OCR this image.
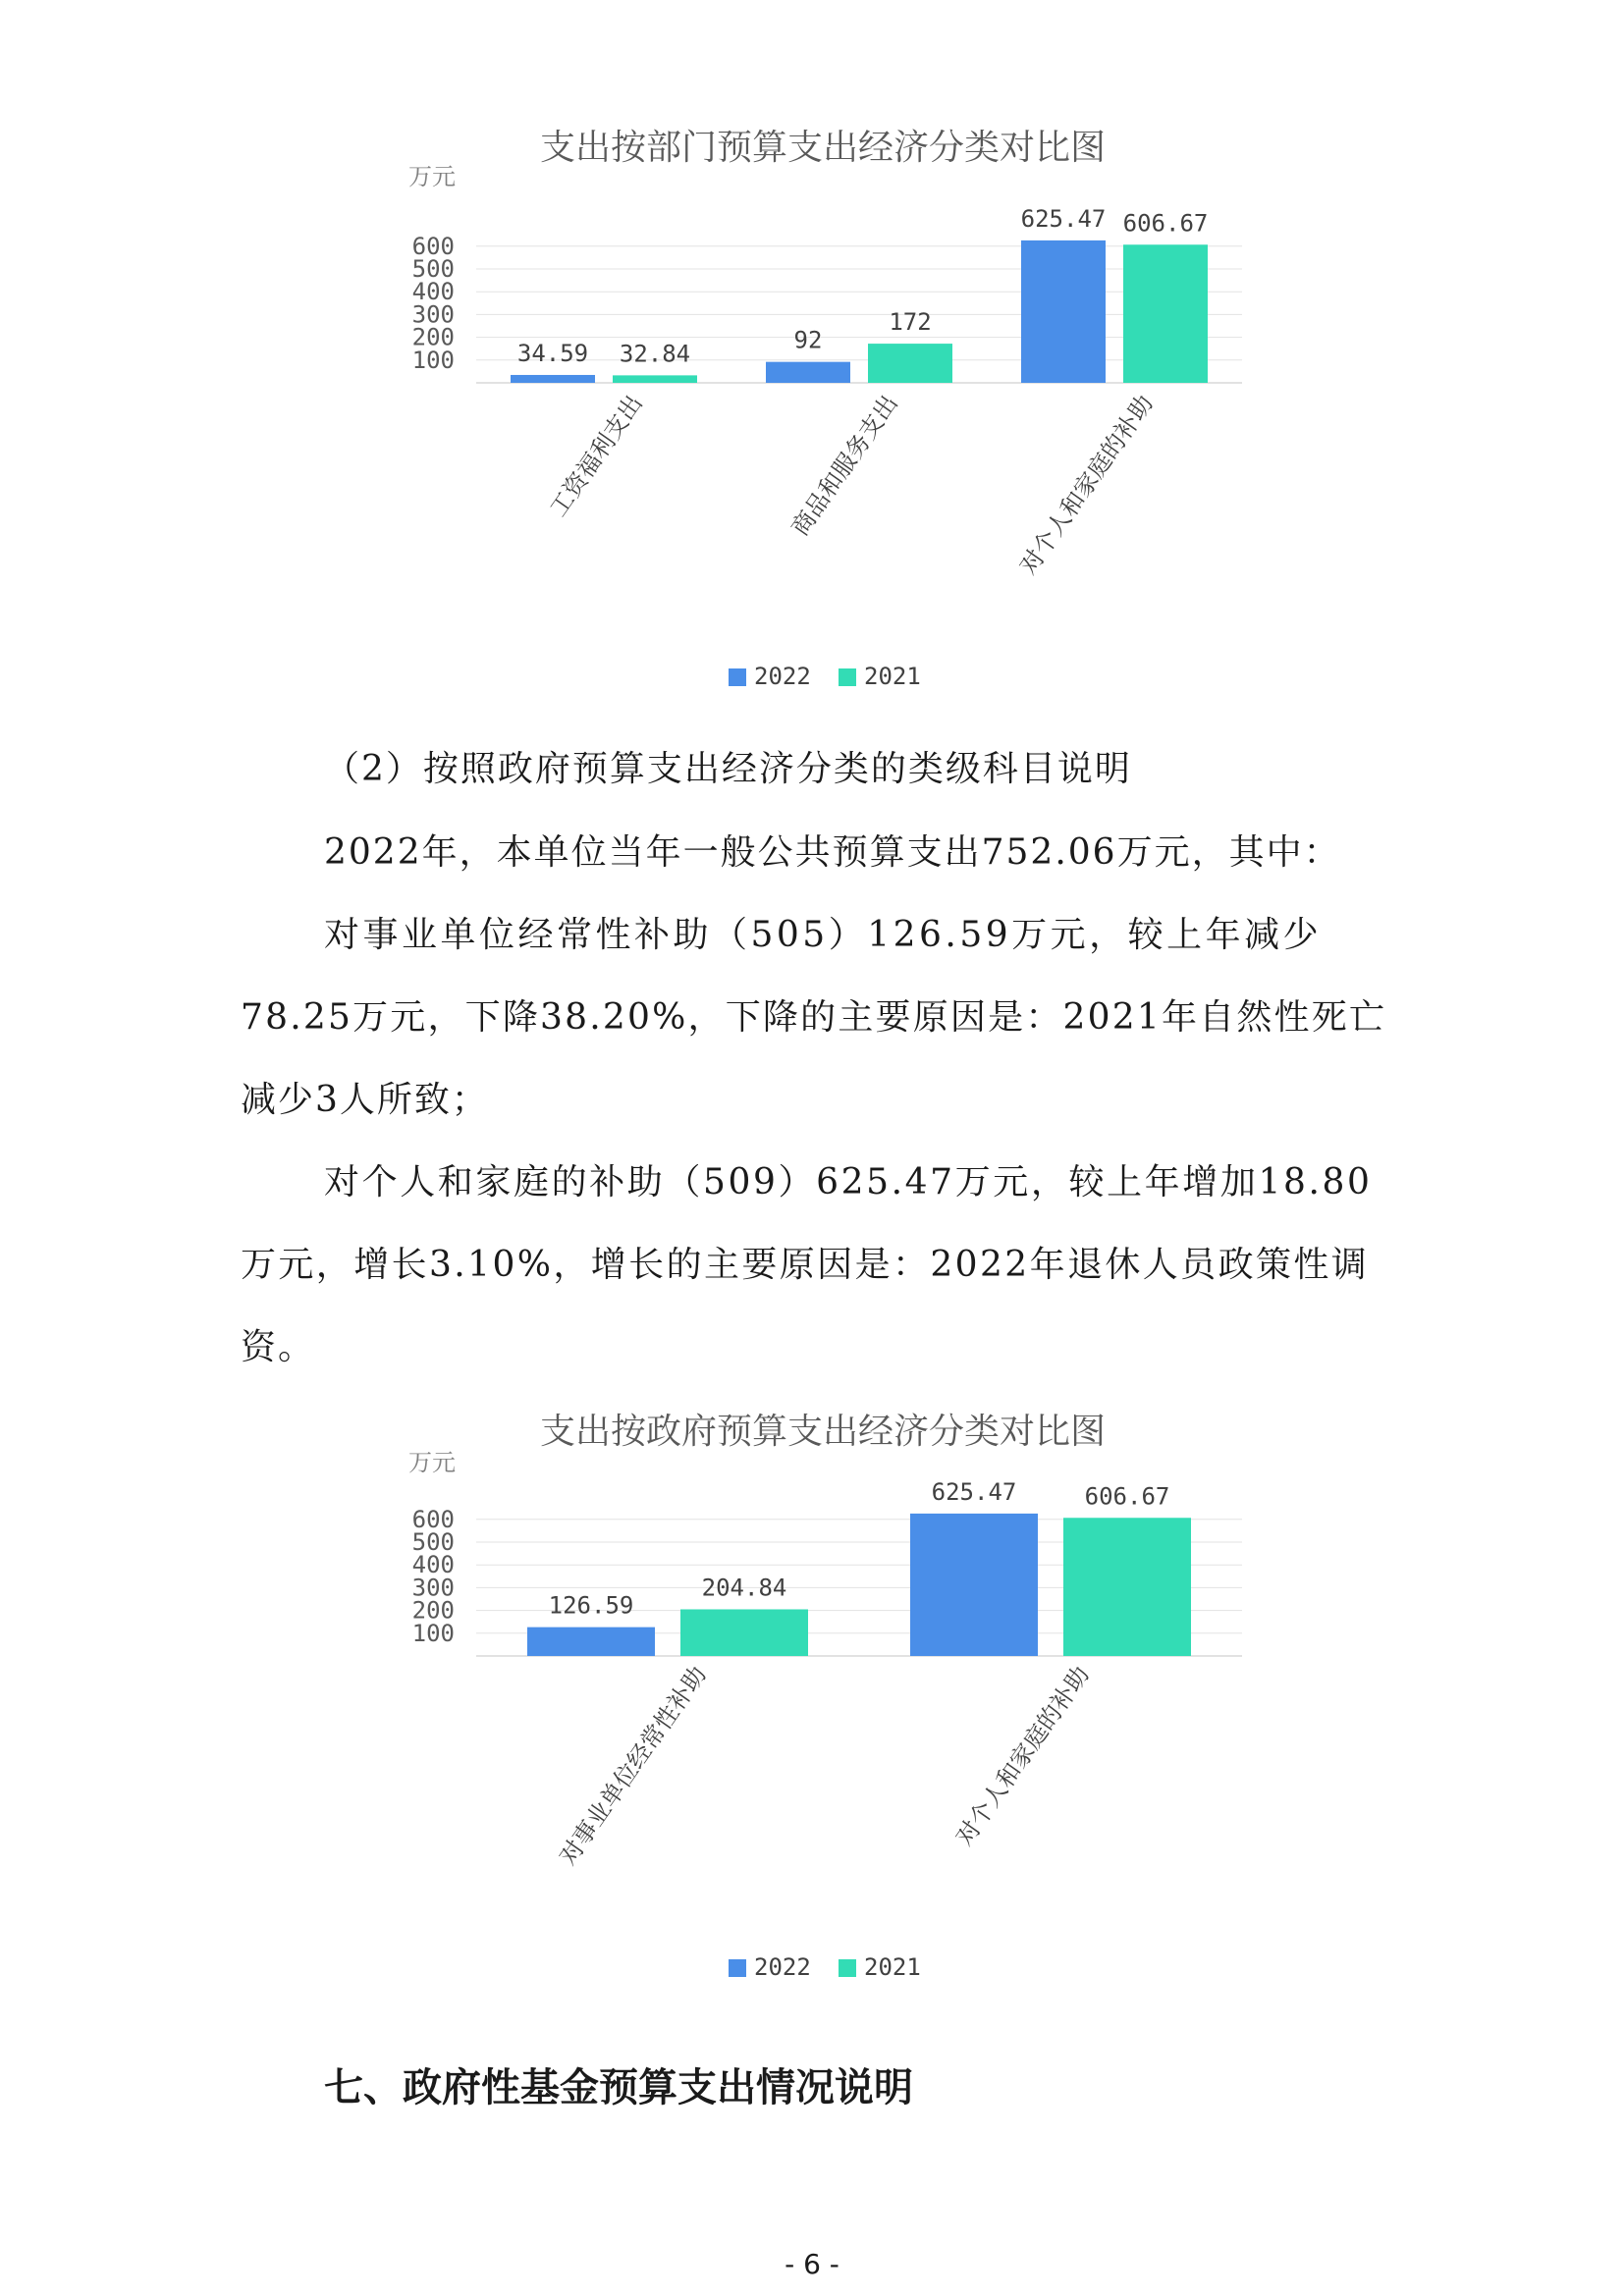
支出按部门预算支出经济分类对比图
万元
600
500
400
300
200
100	34.59 32.84
工资福利支出
92
172
商品和服务支出
625.47 606.67
对个人和家庭的补助
2022 2021
（2）按照政府预算支出经济分类的类级科目说明
2022年，本单位当年一般公共预算支出752.06万元，其中：
对事业单位经常性补助（505）126.59万元，较上年减少
78.25万元，下降38.20%，下降的主要原因是：2021年自然性死亡
减少3人所致；
对个人和家庭的补助（509）625.47万元，较上年增加18.80
万元，增长3.10%，增长的主要原因是：2022年退休人员政策性调
资。
支出按政府预算支出经济分类对比图
万元
600
500
400
300
200
100
126.59
204.84
对事业单位经常性补助
625.47	606.67
对个人和家庭的补助
2022 2021
七、政府性基金预算支出情况说明
- 6 -
